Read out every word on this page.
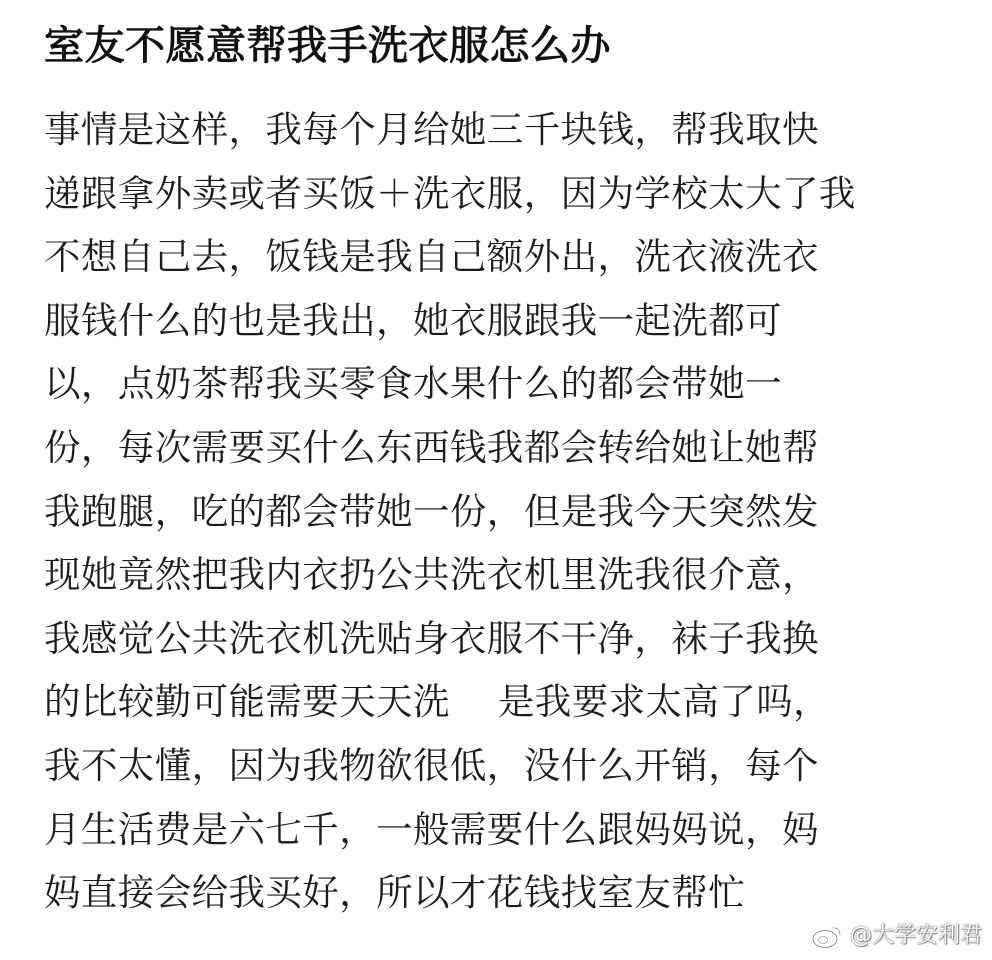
室友不愿意帮我手洗衣服怎么办
事情是这样，我每个月给她三千块钱，帮我取快
递跟拿外卖或者买饭＋洗衣服，因为学校太大了我
不想自己去，饭钱是我自己额外出，洗衣液洗衣
服钱什么的也是我出，她衣服跟我一起洗都可
以，点奶茶帮我买零食水果什么的都会带她一
份，每次需要买什么东西钱我都会转给她让她帮
我跑腿，吃的都会带她一份，但是我今天突然发
现她竟然把我内衣扔公共洗衣机里洗我很介意，
我感觉公共洗衣机洗贴身衣服不干净，袜子我换
的比较勤可能需要天天洗    是我要求太高了吗，
我不太懂，因为我物欲很低，没什么开销，每个
月生活费是六七千，一般需要什么跟妈妈说，妈
妈直接会给我买好，所以才花钱找室友帮忙
@大学安利君
